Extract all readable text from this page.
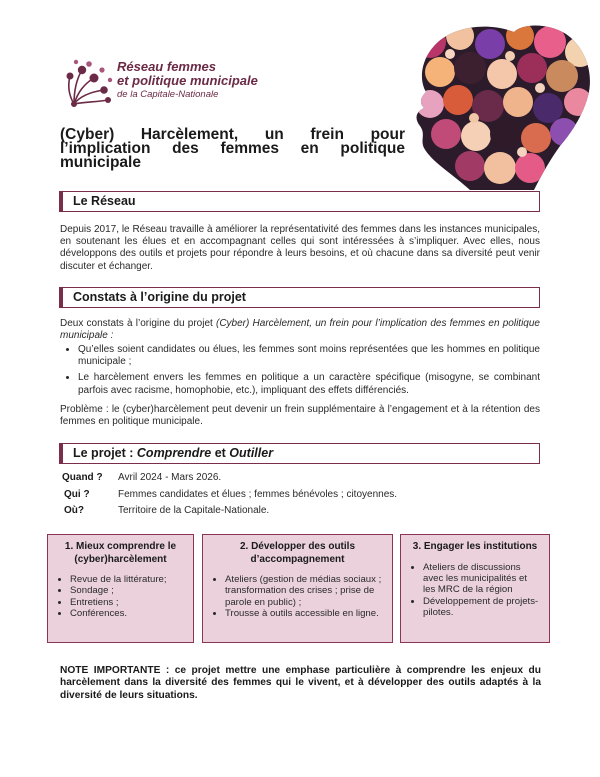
Réseau femmes
et politique municipale
de la Capitale-Nationale
(Cyber) Harcèlement, un frein pour l’implication des femmes en politique municipale
Le Réseau
Depuis 2017, le Réseau travaille à améliorer la représentativité des femmes dans les instances municipales, en soutenant les élues et en accompagnant celles qui sont intéressées à s’impliquer. Avec elles, nous développons des outils et projets pour répondre à leurs besoins, et où chacune dans sa diversité peut venir discuter et échanger.
Constats à l’origine du projet
Deux constats à l’origine du projet (Cyber) Harcèlement, un frein pour l’implication des femmes en politique municipale :
• Qu’elles soient candidates ou élues, les femmes sont moins représentées que les hommes en politique municipale ;
• Le harcèlement envers les femmes en politique a un caractère spécifique (misogyne, se combinant parfois avec racisme, homophobie, etc.), impliquant des effets différenciés.
Problème : le (cyber)harcèlement peut devenir un frein supplémentaire à l’engagement et à la rétention des femmes en politique municipale.
Le projet : Comprendre et Outiller
Quand ? Avril 2024 - Mars 2026.
Qui ?	Femmes candidates et élues ; femmes bénévoles ; citoyennes.
Où?	Territoire de la Capitale-Nationale.
1. Mieux comprendre le (cyber)harcèlement
• Revue de la littérature;
• Sondage ;
• Entretiens ;
• Conférences.
2. Développer des outils d’accompagnement
• Ateliers (gestion de médias sociaux ; transformation des crises ; prise de parole en public) ;
• Trousse à outils accessible en ligne.
3. Engager les institutions
• Ateliers de discussions avec les municipalités et les MRC de la région
• Développement de projets-pilotes.
NOTE IMPORTANTE : ce projet mettre une emphase particulière à comprendre les enjeux du harcèlement dans la diversité des femmes qui le vivent, et à développer des outils adaptés à la diversité de leurs situations.
